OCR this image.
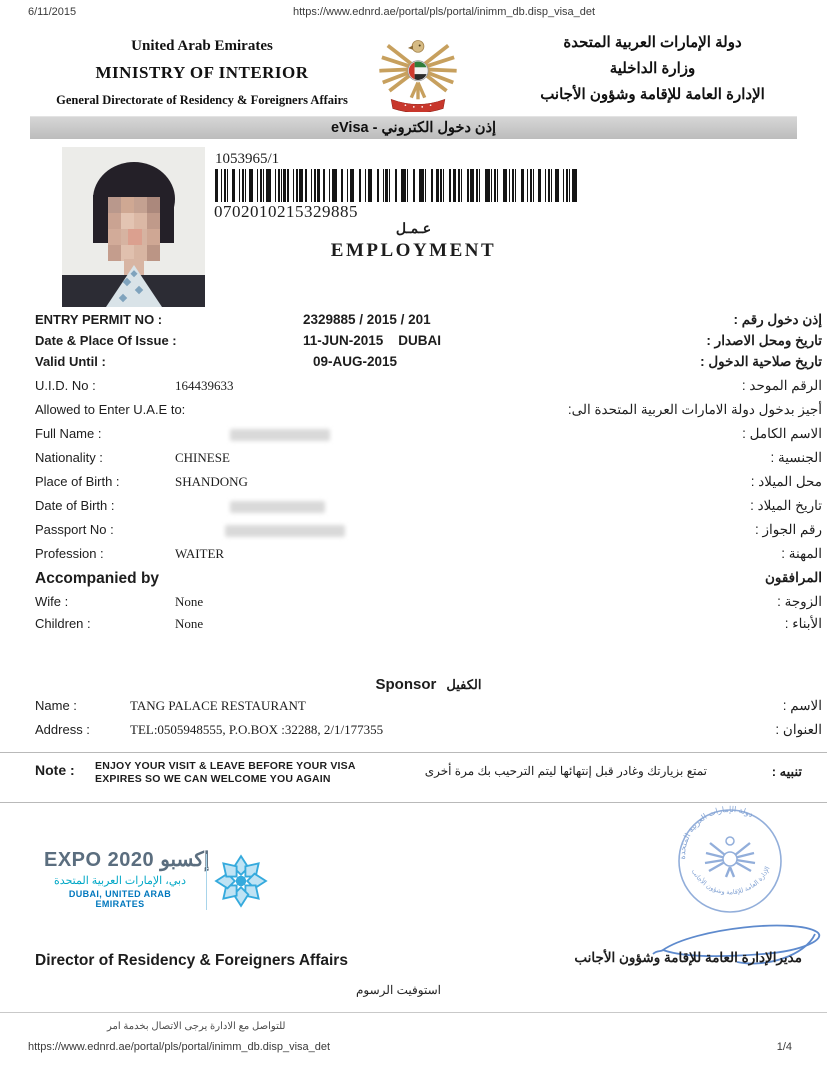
6/11/2015	https://www.ednrd.ae/portal/pls/portal/inimm_db.disp_visa_det
United Arab Emirates
MINISTRY OF INTERIOR
General Directorate of Residency & Foreigners Affairs
دولة الإمارات العربية المتحدة
وزارة الداخلية
الإدارة العامة للإقامة وشؤون الأجانب
eVisa - إذن دخول الكتروني
1053965/1
0702010215329885
عـمـل
EMPLOYMENT
ENTRY PERMIT NO :	2329885 / 2015 / 201	إذن دخول رقم :
Date & Place Of Issue :	11-JUN-2015    DUBAI	تاريخ ومحل الاصدار :
Valid Until :	09-AUG-2015	تاريخ صلاحية الدخول :
U.I.D. No :	164439633	الرقم الموحد :
Allowed to Enter U.A.E to:	أجيز بدخول دولة الامارات العربية المتحدة الى:
Full Name :	الاسم الكامل :
Nationality :	CHINESE	الجنسية :
Place of Birth :	SHANDONG	محل الميلاد :
Date of Birth :	تاريخ الميلاد :
Passport No :	رقم الجواز :
Profession :	WAITER	المهنة :
Accompanied by	المرافقون
Wife :	None	الزوجة :
Children :	None	الأبناء :
Sponsor الكفيل
Name :	TANG PALACE RESTAURANT	الاسم :
Address :	TEL:0505948555, P.O.BOX :32288, 2/1/177355	العنوان :
Note : ENJOY YOUR VISIT & LEAVE BEFORE YOUR VISA
EXPIRES SO WE CAN WELCOME YOU AGAIN
تمتع بزيارتك وغادر قبل إنتهائها ليتم الترحيب بك مرة أخرى	تنبيه :
EXPO 2020 إكسبو
دبي، الإمارات العربية المتحدة
DUBAI, UNITED ARAB EMIRATES
دولة الإمارات العربية المتحدة
الإدارة العامة للإقامة وشؤون الأجانب
Director of Residency & Foreigners Affairs	مديرالإدارة العامة للإقامة وشؤون الأجانب
استوفيت الرسوم
للتواصل مع الادارة يرجى الاتصال بخدمة امر
https://www.ednrd.ae/portal/pls/portal/inimm_db.disp_visa_det	1/4
